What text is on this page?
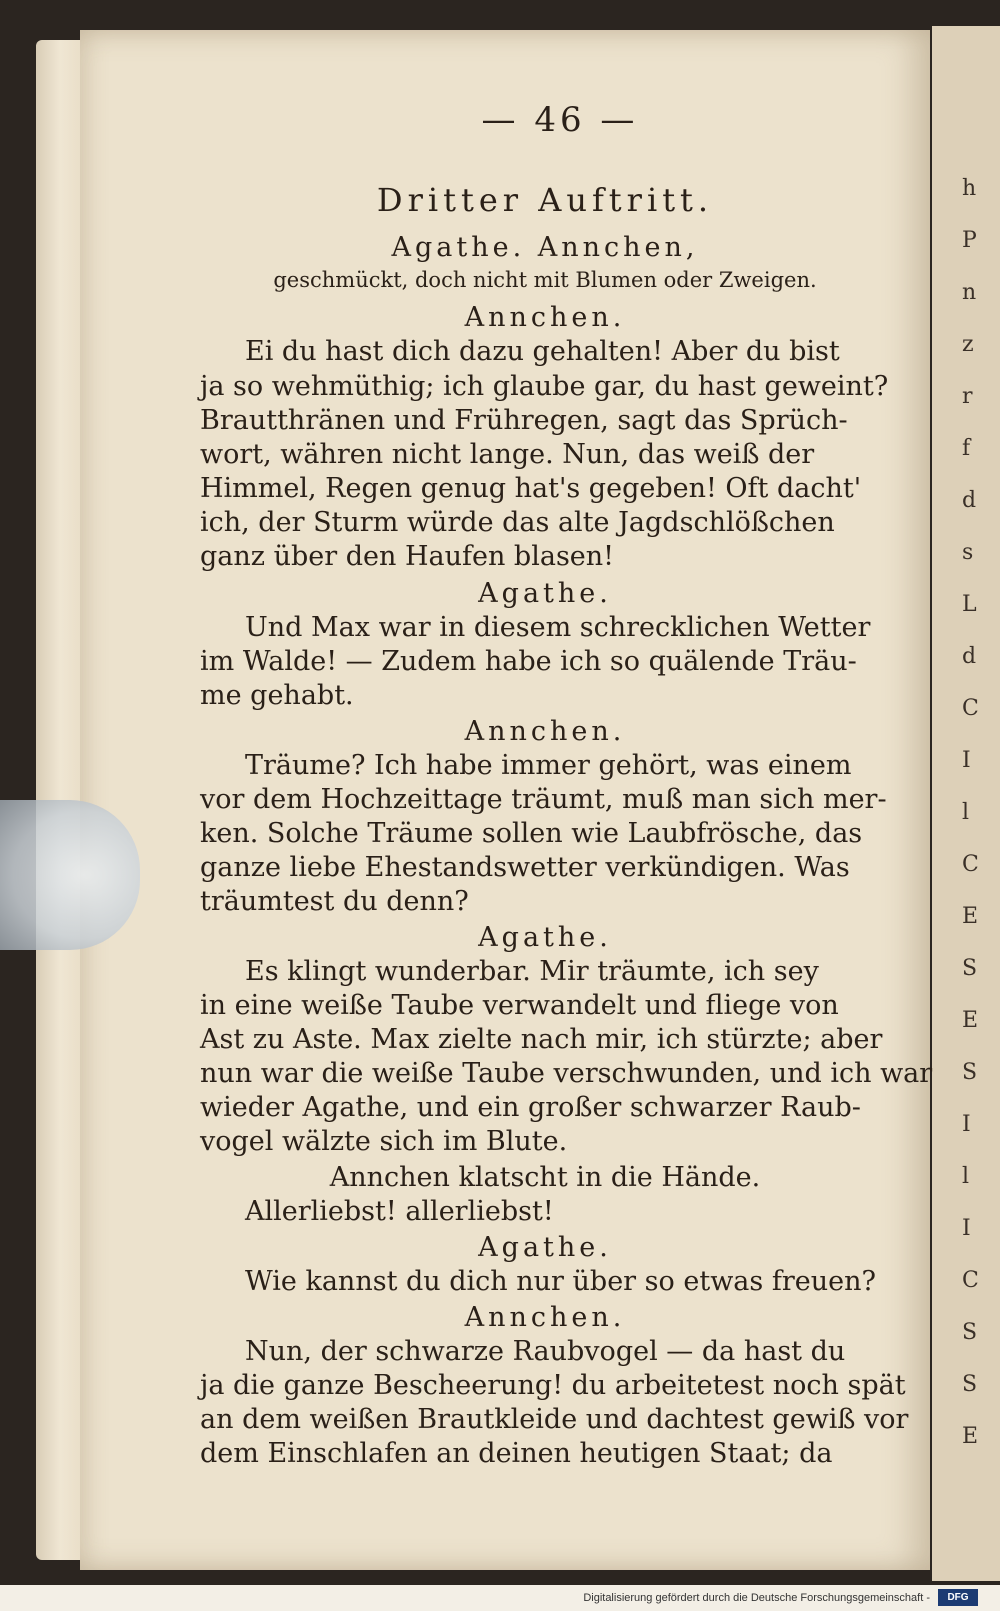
h
P
n
z
r
f
d
s
L
d
C
I
l
C
E
S
E
S
I
l
I
C
S
S
E
— 46 —
Dritter Auftritt.
Agathe. Annchen,
geschmückt, doch nicht mit Blumen oder Zweigen.
Annchen.
Ei du hast dich dazu gehalten! Aber du bist
ja so wehmüthig; ich glaube gar, du hast geweint?
Brautthränen und Frühregen, sagt das Sprüch-
wort, währen nicht lange. Nun, das weiß der
Himmel, Regen genug hat's gegeben! Oft dacht'
ich, der Sturm würde das alte Jagdschlößchen
ganz über den Haufen blasen!
Agathe.
Und Max war in diesem schrecklichen Wetter
im Walde! — Zudem habe ich so quälende Träu-
me gehabt.
Annchen.
Träume? Ich habe immer gehört, was einem
vor dem Hochzeittage träumt, muß man sich mer-
ken. Solche Träume sollen wie Laubfrösche, das
ganze liebe Ehestandswetter verkündigen. Was
träumtest du denn?
Agathe.
Es klingt wunderbar. Mir träumte, ich sey
in eine weiße Taube verwandelt und fliege von
Ast zu Aste. Max zielte nach mir, ich stürzte; aber
nun war die weiße Taube verschwunden, und ich war
wieder Agathe, und ein großer schwarzer Raub-
vogel wälzte sich im Blute.
Annchen klatscht in die Hände.
Allerliebst! allerliebst!
Agathe.
Wie kannst du dich nur über so etwas freuen?
Annchen.
Nun, der schwarze Raubvogel — da hast du
ja die ganze Bescheerung! du arbeitetest noch spät
an dem weißen Brautkleide und dachtest gewiß vor
dem Einschlafen an deinen heutigen Staat; da
Digitalisierung gefördert durch die Deutsche Forschungsgemeinschaft -	DFG
